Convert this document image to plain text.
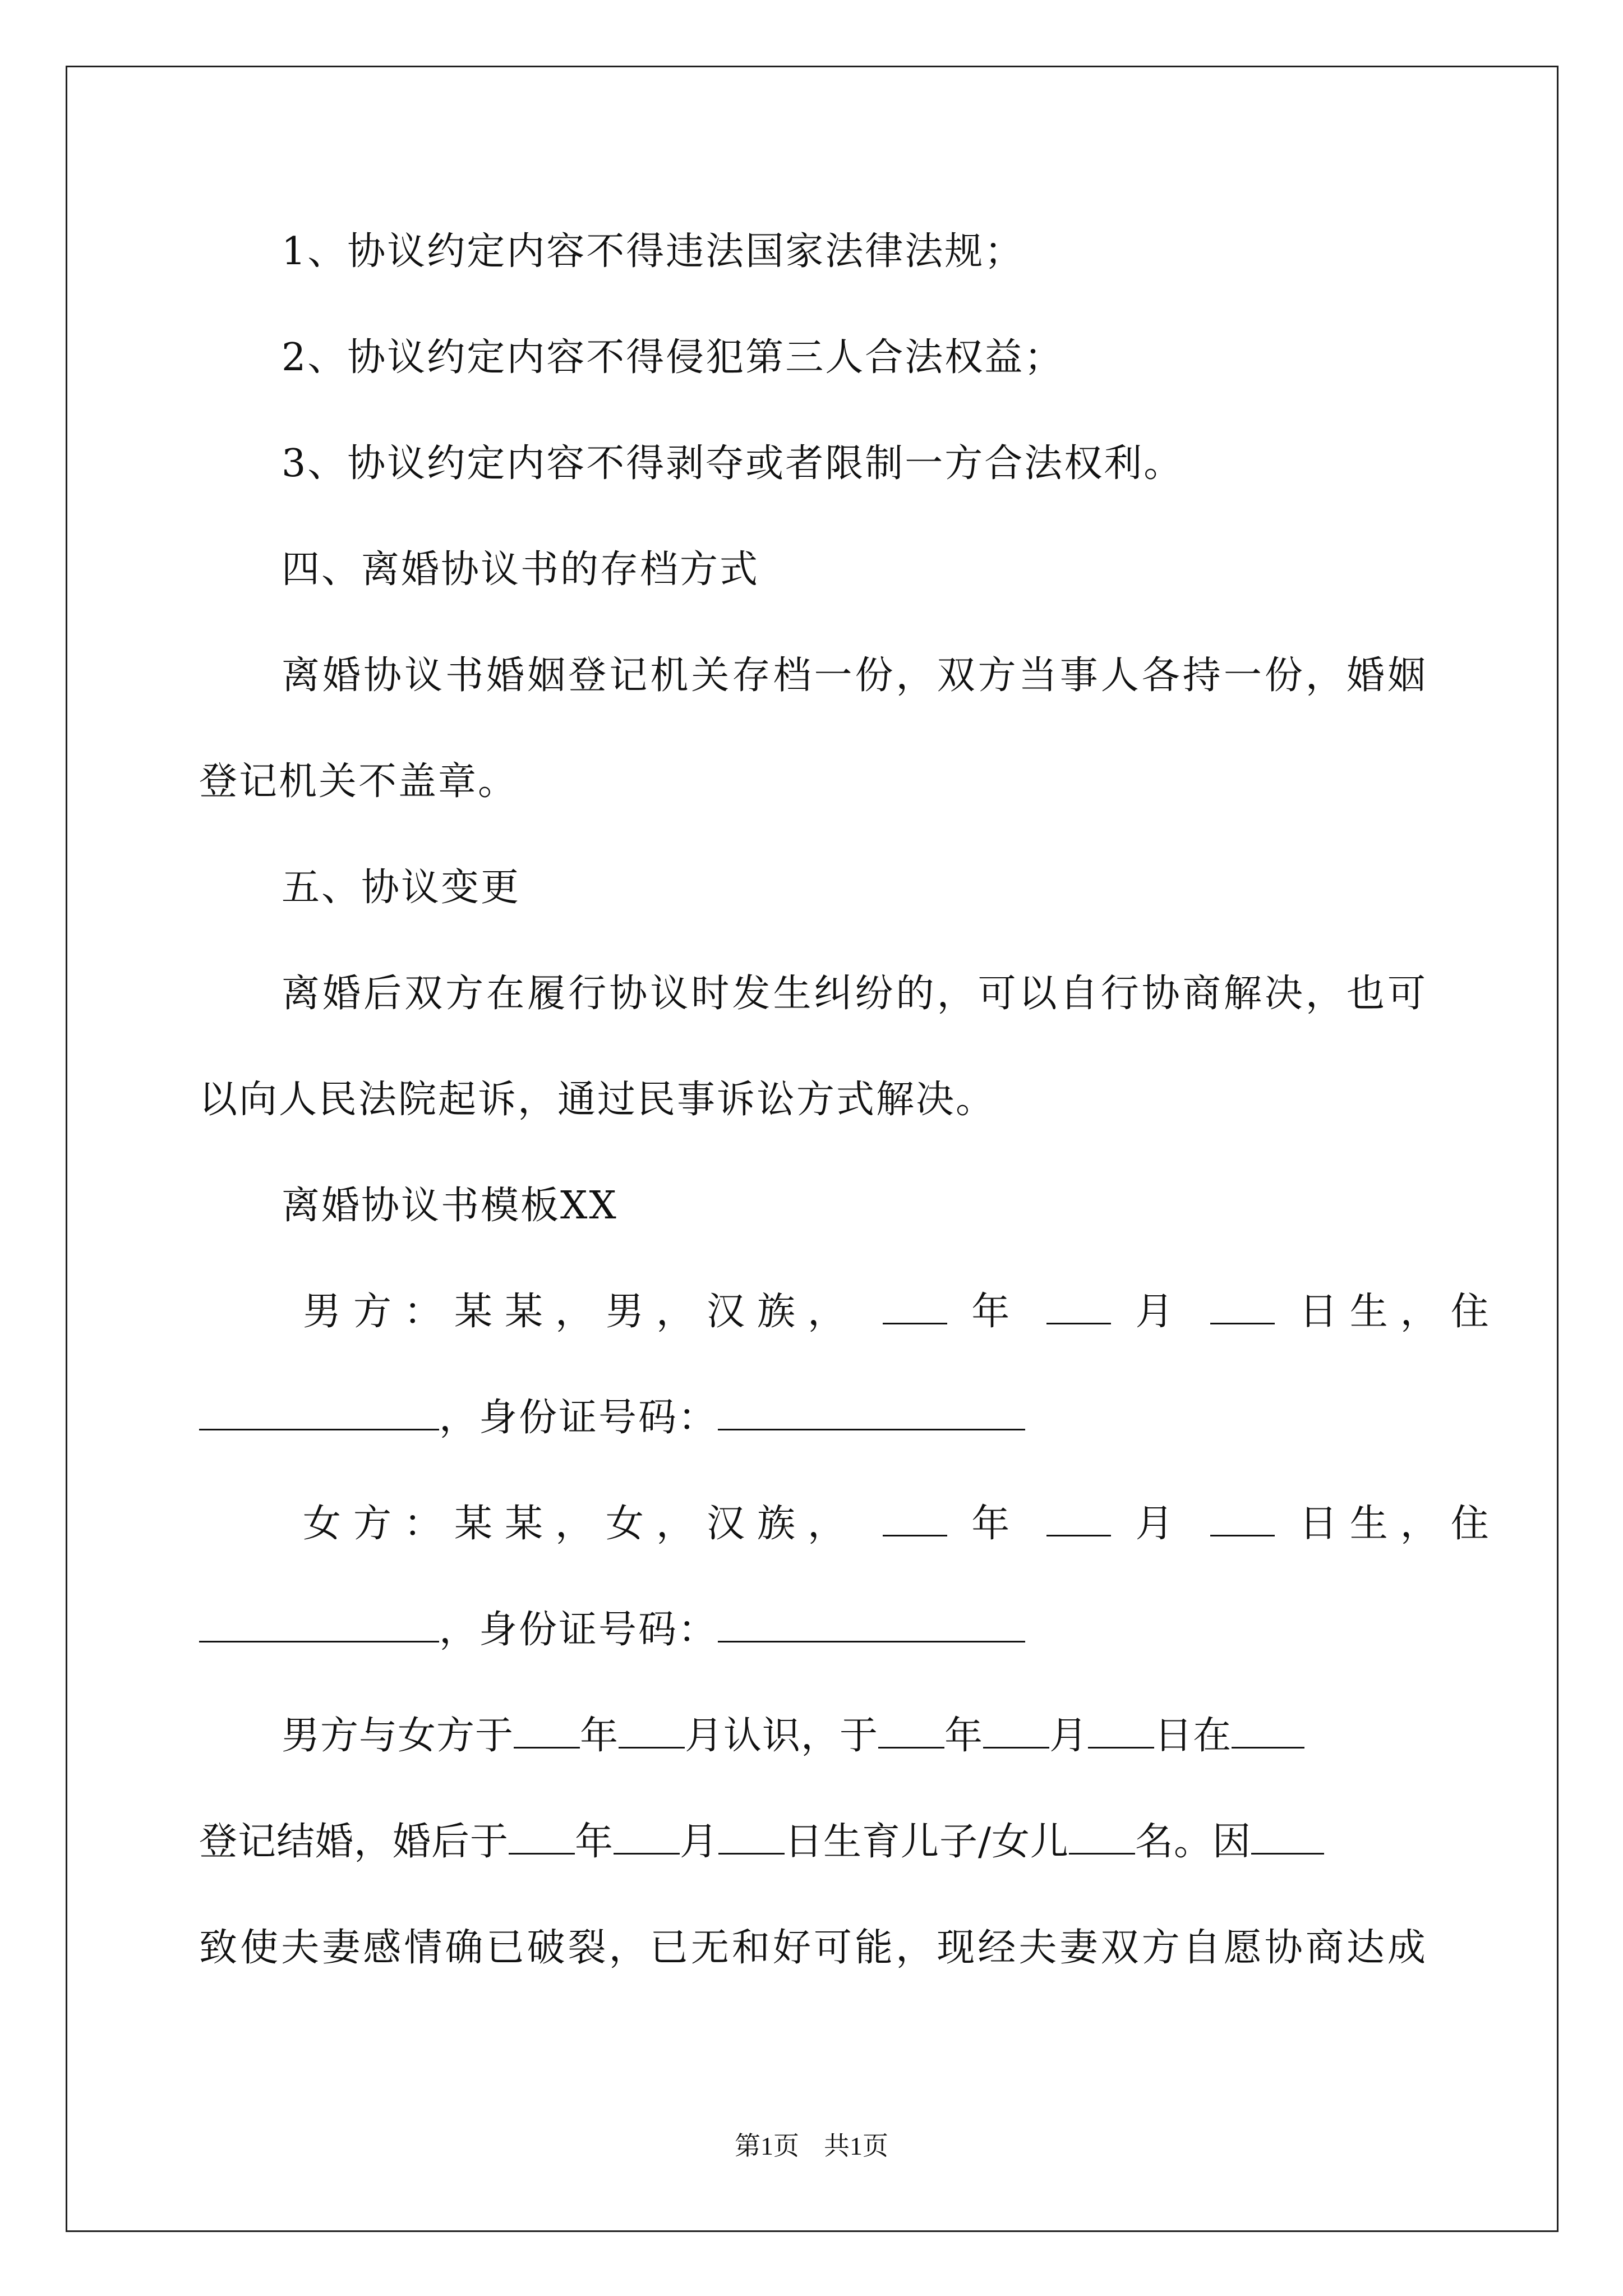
1、协议约定内容不得违法国家法律法规；
2、协议约定内容不得侵犯第三人合法权益；
3、协议约定内容不得剥夺或者限制一方合法权利。
四、离婚协议书的存档方式
离婚协议书婚姻登记机关存档一份，双方当事人各持一份，婚姻
登记机关不盖章。
五、协议变更
离婚后双方在履行协议时发生纠纷的，可以自行协商解决，也可
以向人民法院起诉，通过民事诉讼方式解决。
离婚协议书模板XX
男方：某某，男，汉族，	年	月	日生，住
，身份证号码：
女方：某某，女，汉族，	年	月	日生，住
，身份证号码：
男方与女方于 年 月认识，于 年 月 日在
登记结婚，婚后于 年 月 日生育儿子/女儿 名。因
致使夫妻感情确已破裂，已无和好可能，现经夫妻双方自愿协商达成
第1页 共1页
